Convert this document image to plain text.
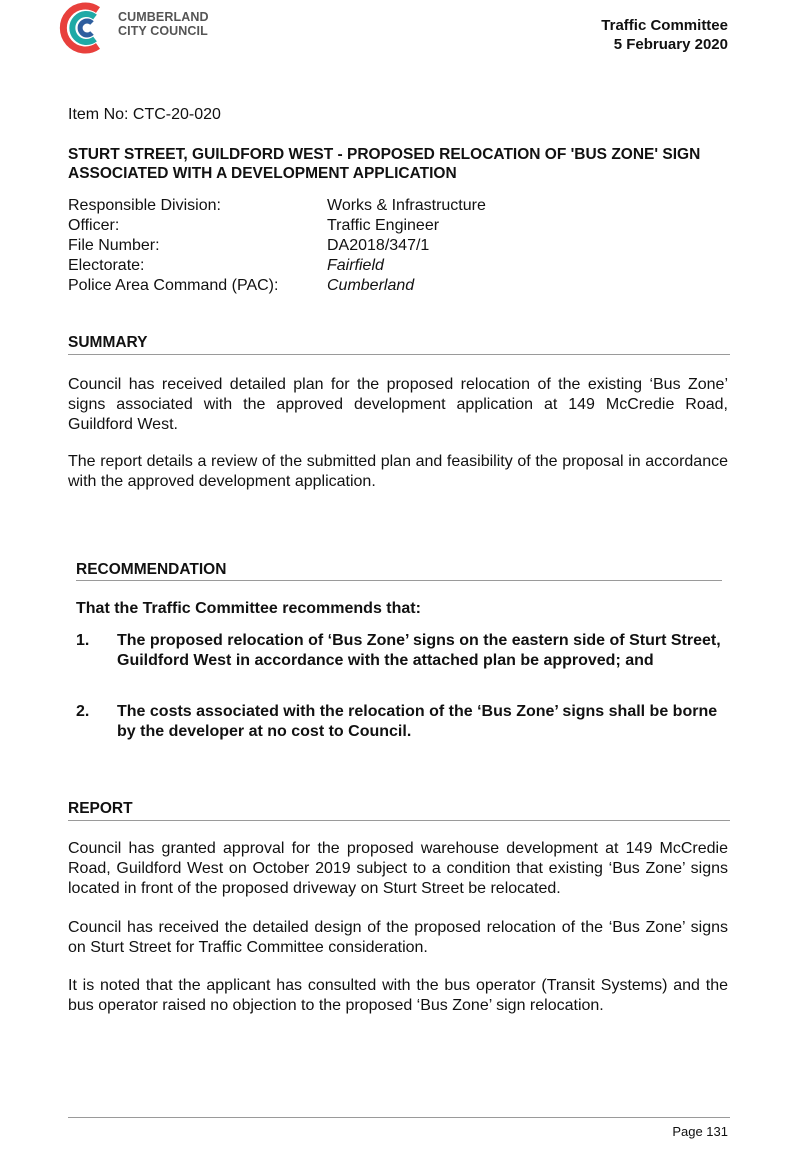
CUMBERLAND
CITY COUNCIL	Traffic Committee
5 February 2020
Item No: CTC-20-020
STURT STREET, GUILDFORD WEST - PROPOSED RELOCATION OF 'BUS ZONE' SIGN ASSOCIATED WITH A DEVELOPMENT APPLICATION
Responsible Division:	Works & Infrastructure
Officer:	Traffic Engineer
File Number:	DA2018/347/1
Electorate:	Fairfield
Police Area Command (PAC):	Cumberland
SUMMARY
Council has received detailed plan for the proposed relocation of the existing ‘Bus Zone’ signs associated with the approved development application at 149 McCredie Road, Guildford West.
The report details a review of the submitted plan and feasibility of the proposal in accordance with the approved development application.
RECOMMENDATION
That the Traffic Committee recommends that:
1.	The proposed relocation of ‘Bus Zone’ signs on the eastern side of Sturt Street, Guildford West in accordance with the attached plan be approved; and
2.	The costs associated with the relocation of the ‘Bus Zone’ signs shall be borne by the developer at no cost to Council.
REPORT
Council has granted approval for the proposed warehouse development at 149 McCredie Road, Guildford West on October 2019 subject to a condition that existing ‘Bus Zone’ signs located in front of the proposed driveway on Sturt Street be relocated.
Council has received the detailed design of the proposed relocation of the ‘Bus Zone’ signs on Sturt Street for Traffic Committee consideration.
It is noted that the applicant has consulted with the bus operator (Transit Systems) and the bus operator raised no objection to the proposed ‘Bus Zone’ sign relocation.
Page 131
